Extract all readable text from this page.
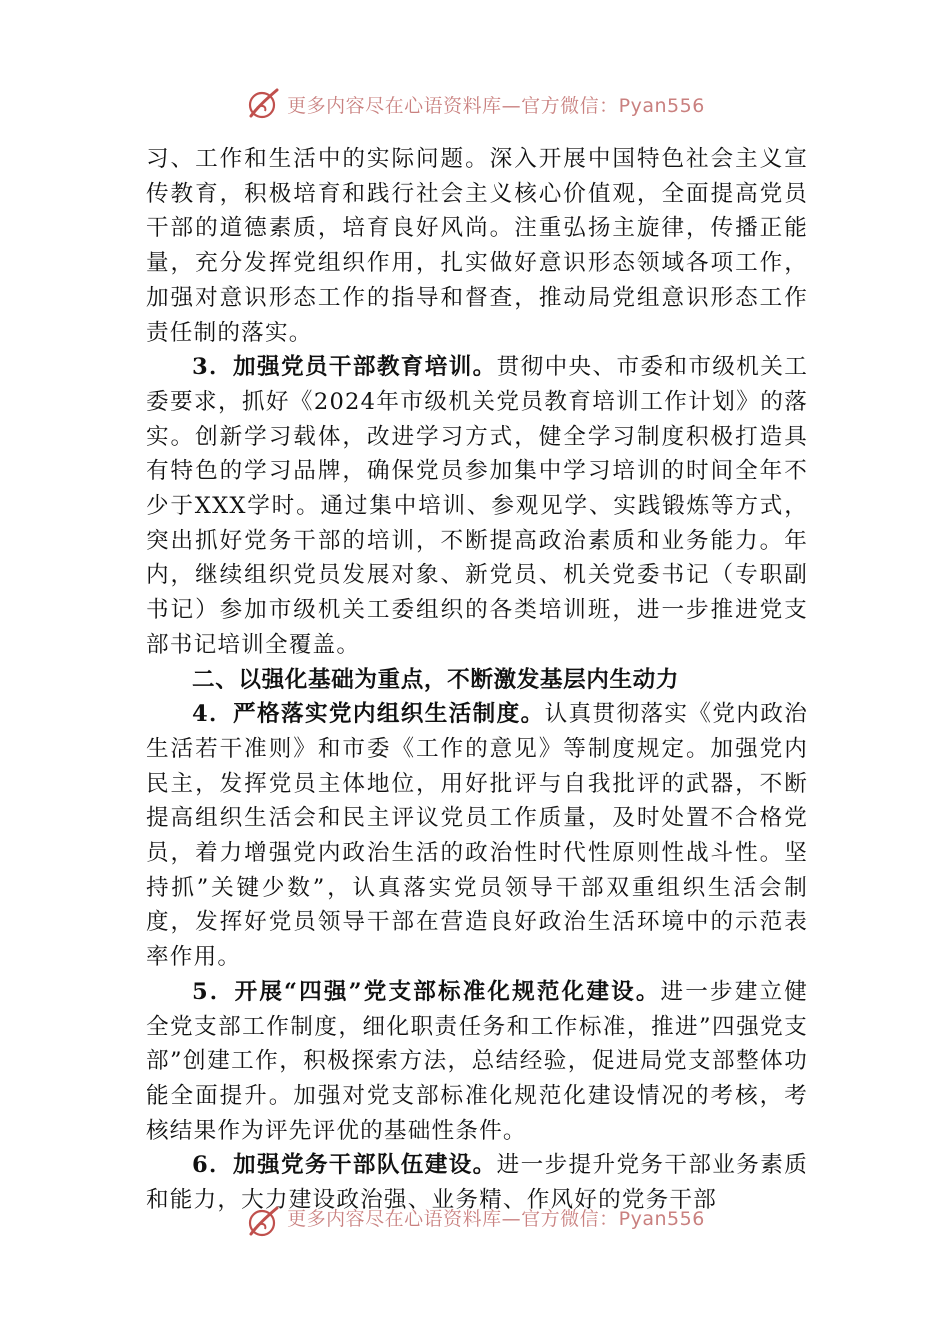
更多内容尽在心语资料库—官方微信：Pyan556

习、工作和生活中的实际问题。深入开展中国特色社会主义宣传教育，积极培育和践行社会主义核心价值观，全面提高党员干部的道德素质，培育良好风尚。注重弘扬主旋律，传播正能量，充分发挥党组织作用，扎实做好意识形态领域各项工作，加强对意识形态工作的指导和督查，推动局党组意识形态工作责任制的落实。

3．加强党员干部教育培训。贯彻中央、市委和市级机关工委要求，抓好《2024年市级机关党员教育培训工作计划》的落实。创新学习载体，改进学习方式，健全学习制度积极打造具有特色的学习品牌，确保党员参加集中学习培训的时间全年不少于XXX学时。通过集中培训、参观见学、实践锻炼等方式，突出抓好党务干部的培训，不断提高政治素质和业务能力。年内，继续组织党员发展对象、新党员、机关党委书记（专职副书记）参加市级机关工委组织的各类培训班，进一步推进党支部书记培训全覆盖。

二、以强化基础为重点，不断激发基层内生动力

4．严格落实党内组织生活制度。认真贯彻落实《党内政治生活若干准则》和市委《工作的意见》等制度规定。加强党内民主，发挥党员主体地位，用好批评与自我批评的武器，不断提高组织生活会和民主评议党员工作质量，及时处置不合格党员，着力增强党内政治生活的政治性时代性原则性战斗性。坚持抓”关键少数”，认真落实党员领导干部双重组织生活会制度，发挥好党员领导干部在营造良好政治生活环境中的示范表率作用。

5．开展“四强”党支部标准化规范化建设。进一步建立健全党支部工作制度，细化职责任务和工作标准，推进”四强党支部”创建工作，积极探索方法，总结经验，促进局党支部整体功能全面提升。加强对党支部标准化规范化建设情况的考核，考核结果作为评先评优的基础性条件。

6．加强党务干部队伍建设。进一步提升党务干部业务素质和能力，大力建设政治强、业务精、作风好的党务干部

更多内容尽在心语资料库—官方微信：Pyan556
